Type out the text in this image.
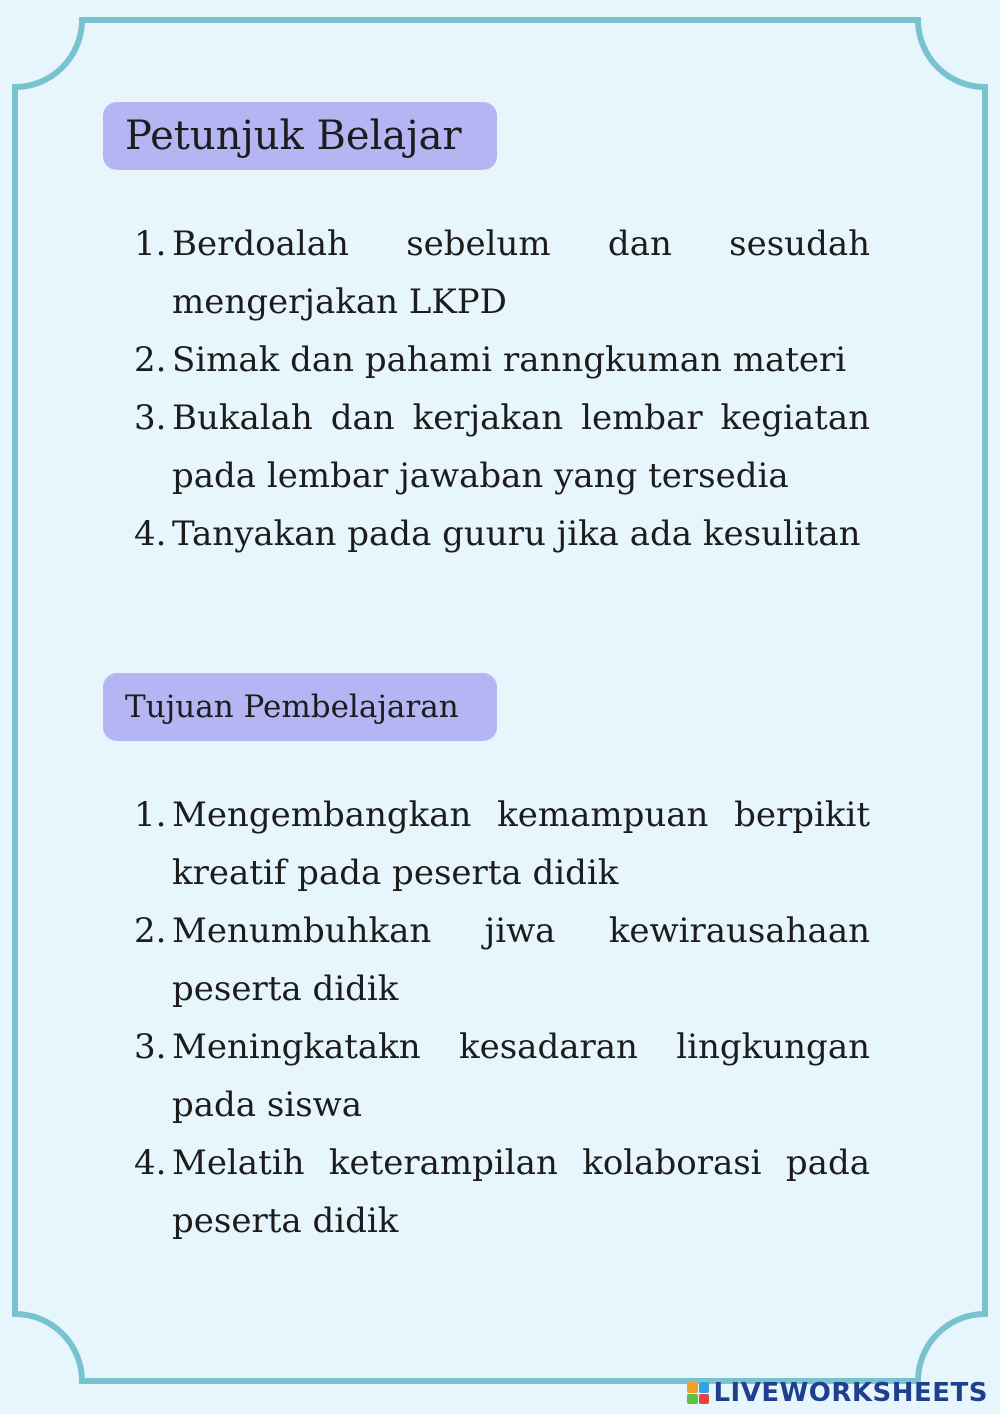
Petunjuk Belajar
1. Berdoalah sebelum dan sesudah mengerjakan LKPD
2. Simak dan pahami ranngkuman materi
3. Bukalah dan kerjakan lembar kegiatan pada lembar jawaban yang tersedia
4. Tanyakan pada guuru jika ada kesulitan
Tujuan Pembelajaran
1. Mengembangkan kemampuan berpikit kreatif pada peserta didik
2. Menumbuhkan jiwa kewirausahaan peserta didik
3. Meningkatakn kesadaran lingkungan pada siswa
4. Melatih keterampilan kolaborasi pada peserta didik
LIVEWORKSHEETS
